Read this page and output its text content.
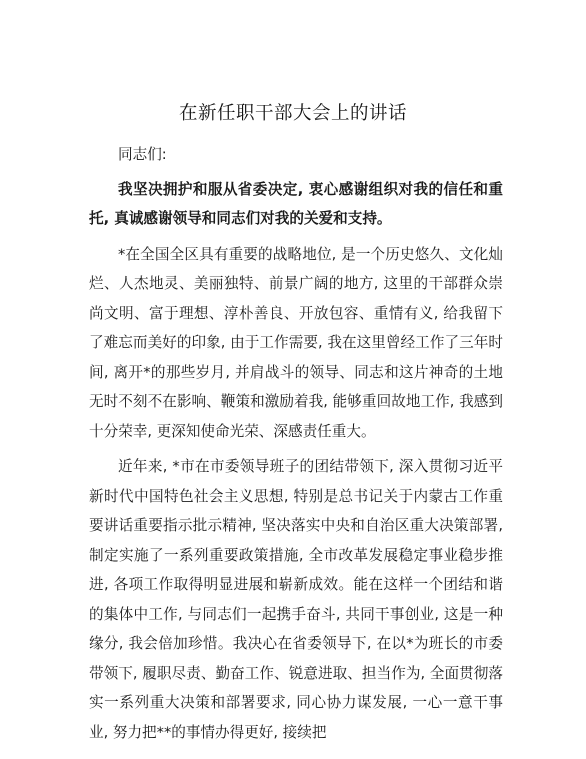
在新任职干部大会上的讲话

同志们:

我坚决拥护和服从省委决定, 衷心感谢组织对我的信任和重托, 真诚感谢领导和同志们对我的关爱和支持。

*在全国全区具有重要的战略地位, 是一个历史悠久、文化灿烂、人杰地灵、美丽独特、前景广阔的地方, 这里的干部群众崇尚文明、富于理想、淳朴善良、开放包容、重情有义, 给我留下了难忘而美好的印象, 由于工作需要, 我在这里曾经工作了三年时间, 离开*的那些岁月, 并肩战斗的领导、同志和这片神奇的土地无时不刻不在影响、鞭策和激励着我, 能够重回故地工作, 我感到十分荣幸, 更深知使命光荣、深感责任重大。

近年来, *市在市委领导班子的团结带领下, 深入贯彻习近平新时代中国特色社会主义思想, 特别是总书记关于内蒙古工作重要讲话重要指示批示精神, 坚决落实中央和自治区重大决策部署, 制定实施了一系列重要政策措施, 全市改革发展稳定事业稳步推进, 各项工作取得明显进展和崭新成效。能在这样一个团结和谐的集体中工作, 与同志们一起携手奋斗, 共同干事创业, 这是一种缘分, 我会倍加珍惜。我决心在省委领导下, 在以*为班长的市委带领下, 履职尽责、勤奋工作、锐意进取、担当作为, 全面贯彻落实一系列重大决策和部署要求, 同心协力谋发展, 一心一意干事业, 努力把**的事情办得更好, 接续把
